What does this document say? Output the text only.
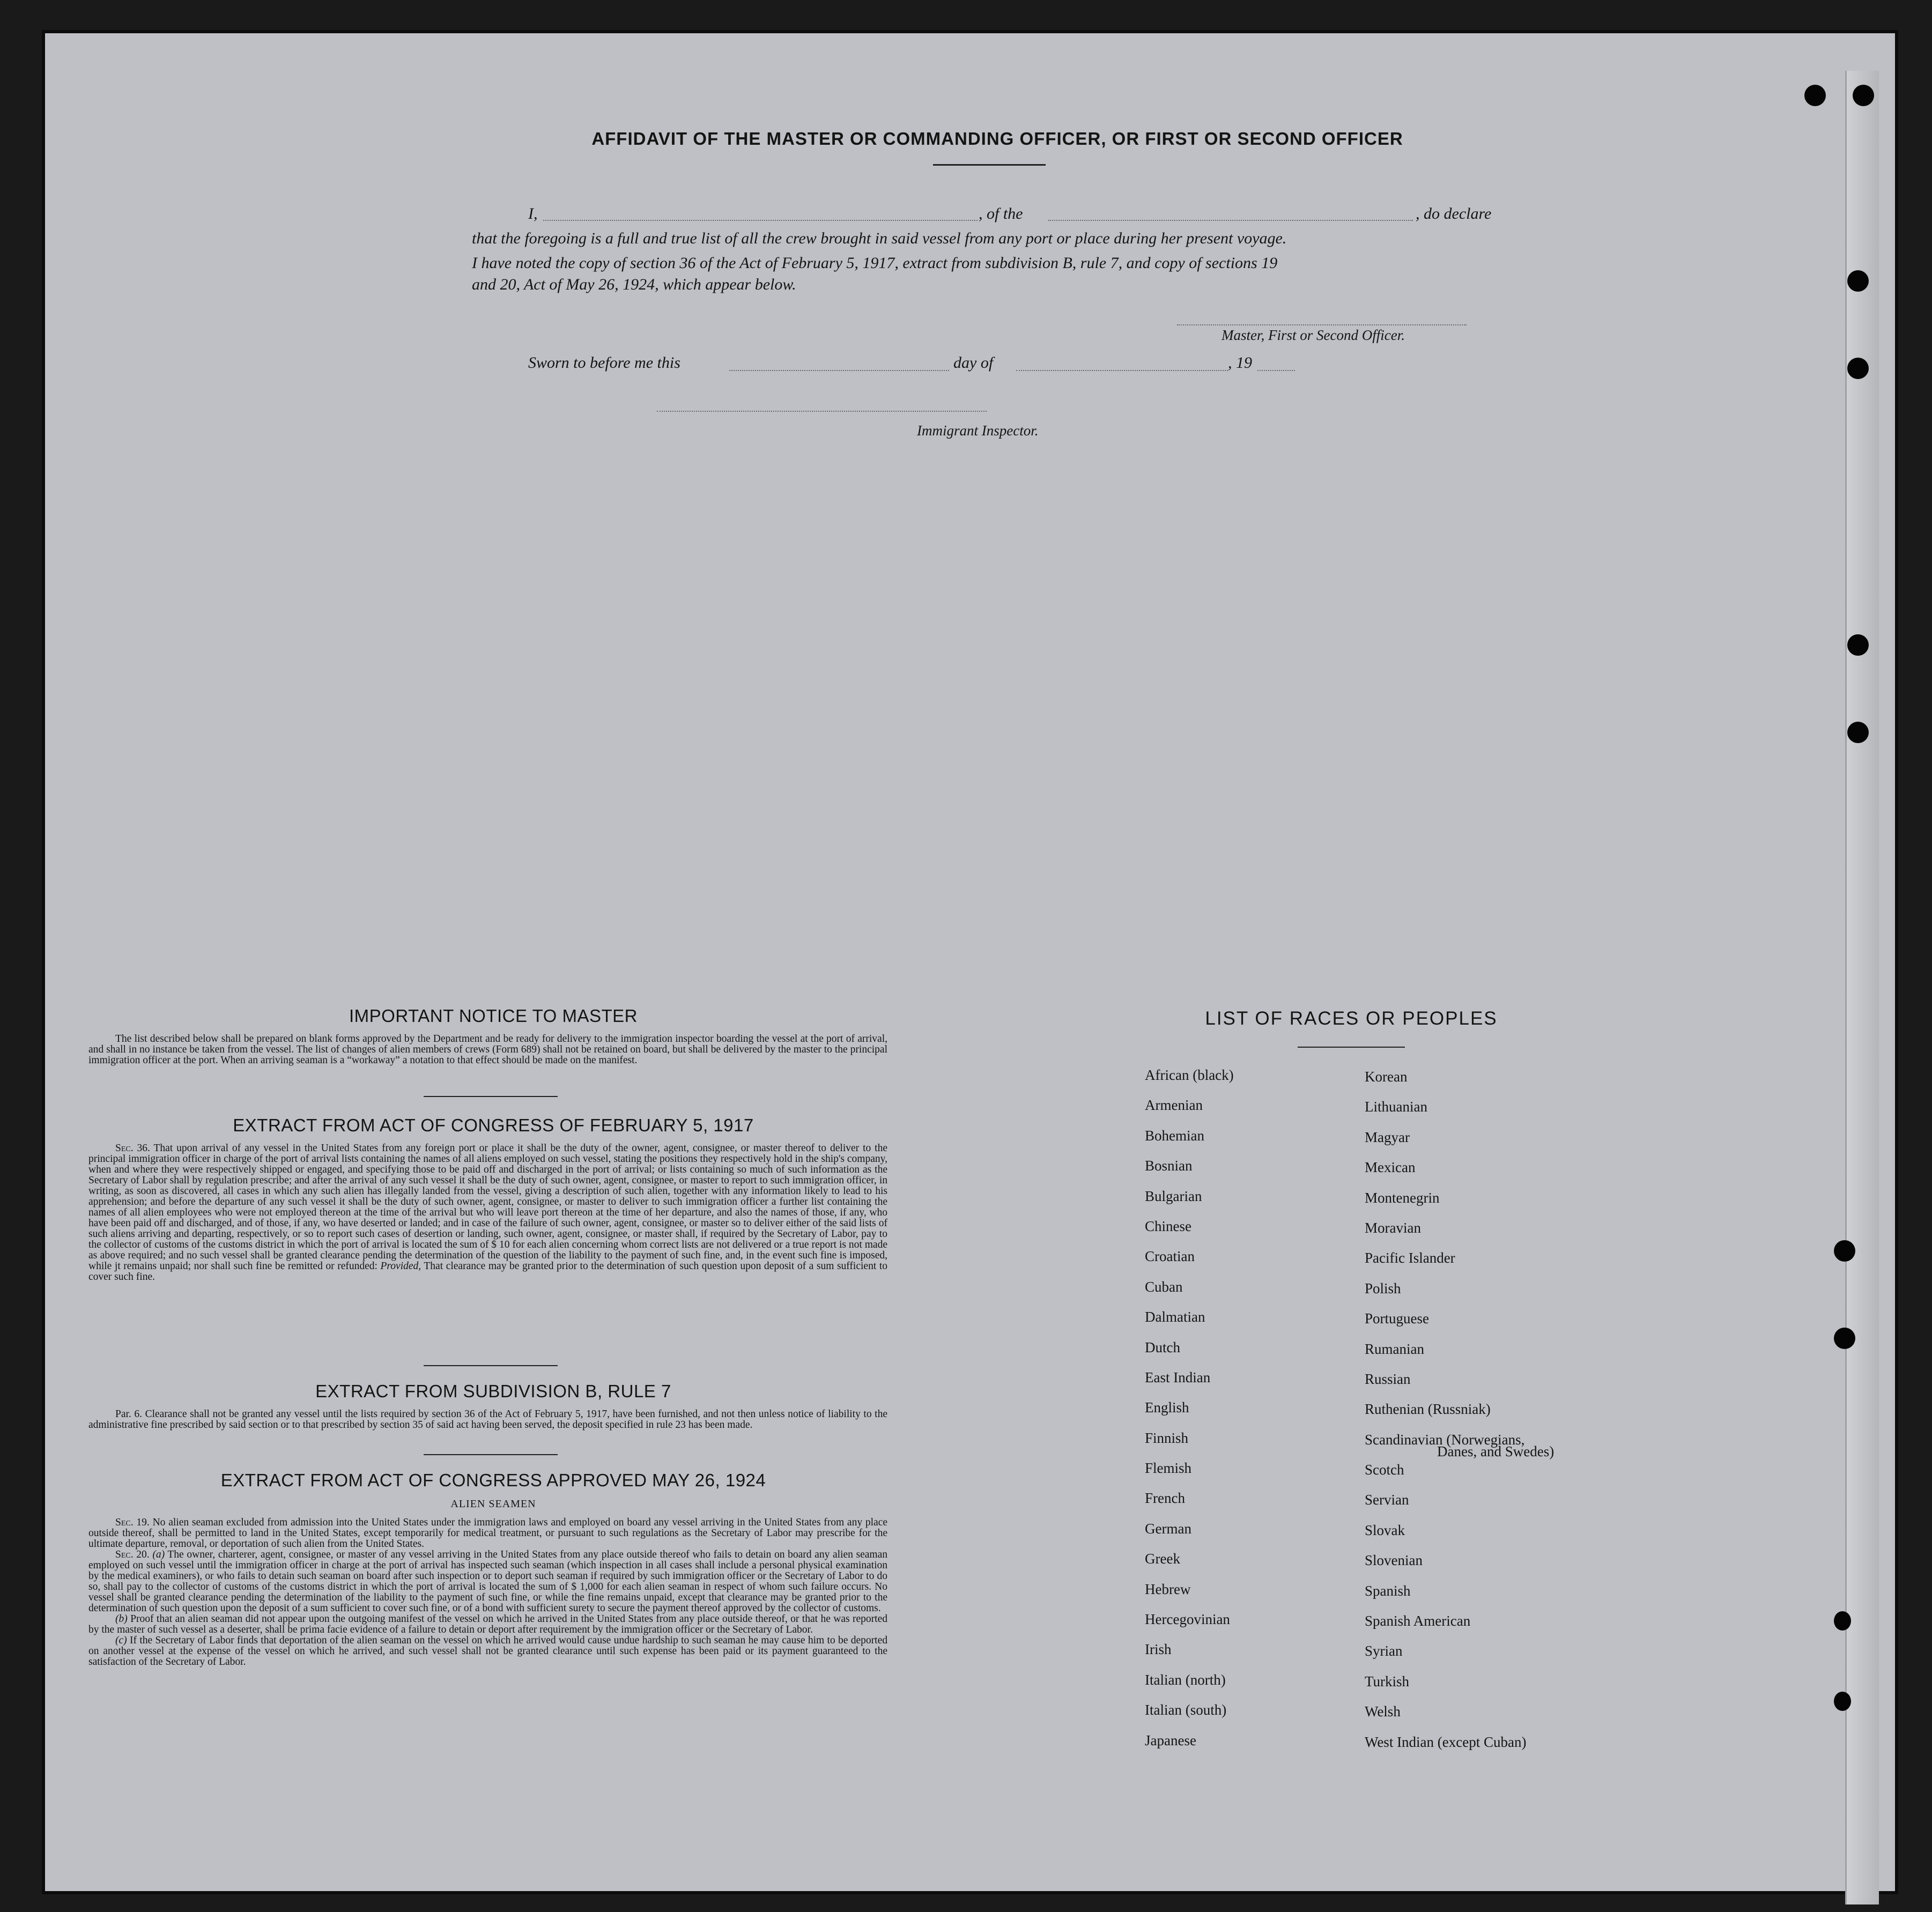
AFFIDAVIT OF THE MASTER OR COMMANDING OFFICER, OR FIRST OR SECOND OFFICER
I,	, of the	, do declare
that the foregoing is a full and true list of all the crew brought in said vessel from any port or place during her present voyage.
I have noted the copy of section 36 of the Act of February 5, 1917, extract from subdivision B, rule 7, and copy of sections 19
and 20, Act of May 26, 1924, which appear below.
Master, First or Second Officer.
Sworn to before me this	day of	, 19
Immigrant Inspector.
IMPORTANT NOTICE TO MASTER
The list described below shall be prepared on blank forms approved by the Department and be ready for delivery to the immigration inspector boarding the vessel at the port of arrival, and shall in no instance be taken from the vessel. The list of changes of alien members of crews (Form 689) shall not be retained on board, but shall be delivered by the master to the principal immigration officer at the port. When an arriving seaman is a “workaway” a notation to that effect should be made on the manifest.
EXTRACT FROM ACT OF CONGRESS OF FEBRUARY 5, 1917
Sec. 36. That upon arrival of any vessel in the United States from any foreign port or place it shall be the duty of the owner, agent, consignee, or master thereof to deliver to the principal immigration officer in charge of the port of arrival lists containing the names of all aliens employed on such vessel, stating the positions they respectively hold in the ship's company, when and where they were respectively shipped or engaged, and specifying those to be paid off and discharged in the port of arrival; or lists containing so much of such information as the Secretary of Labor shall by regulation prescribe; and after the arrival of any such vessel it shall be the duty of such owner, agent, consignee, or master to report to such immigration officer, in writing, as soon as discovered, all cases in which any such alien has illegally landed from the vessel, giving a description of such alien, together with any information likely to lead to his apprehension; and before the departure of any such vessel it shall be the duty of such owner, agent, consignee, or master to deliver to such immigration officer a further list containing the names of all alien employees who were not employed thereon at the time of the arrival but who will leave port thereon at the time of her departure, and also the names of those, if any, who have been paid off and discharged, and of those, if any, wo have deserted or landed; and in case of the failure of such owner, agent, consignee, or master so to deliver either of the said lists of such aliens arriving and departing, respectively, or so to report such cases of desertion or landing, such owner, agent, consignee, or master shall, if required by the Secretary of Labor, pay to the collector of customs of the customs district in which the port of arrival is located the sum of $ 10 for each alien concerning whom correct lists are not delivered or a true report is not made as above required; and no such vessel shall be granted clearance pending the determination of the question of the liability to the payment of such fine, and, in the event such fine is imposed, while jt remains unpaid; nor shall such fine be remitted or refunded: Provided, That clearance may be granted prior to the determination of such question upon deposit of a sum sufficient to cover such fine.
EXTRACT FROM SUBDIVISION B, RULE 7
Par. 6. Clearance shall not be granted any vessel until the lists required by section 36 of the Act of February 5, 1917, have been furnished, and not then unless notice of liability to the administrative fine prescribed by said section or to that prescribed by section 35 of said act having been served, the deposit specified in rule 23 has been made.
EXTRACT FROM ACT OF CONGRESS APPROVED MAY 26, 1924
ALIEN SEAMEN
Sec. 19. No alien seaman excluded from admission into the United States under the immigration laws and employed on board any vessel arriving in the United States from any place outside thereof, shall be permitted to land in the United States, except temporarily for medical treatment, or pursuant to such regulations as the Secretary of Labor may prescribe for the ultimate departure, removal, or deportation of such alien from the United States.
Sec. 20. (a) The owner, charterer, agent, consignee, or master of any vessel arriving in the United States from any place outside thereof who fails to detain on board any alien seaman employed on such vessel until the immigration officer in charge at the port of arrival has inspected such seaman (which inspection in all cases shall include a personal physical examination by the medical examiners), or who fails to detain such seaman on board after such inspection or to deport such seaman if required by such immigration officer or the Secretary of Labor to do so, shall pay to the collector of customs of the customs district in which the port of arrival is located the sum of $ 1,000 for each alien seaman in respect of whom such failure occurs. No vessel shall be granted clearance pending the determination of the liability to the payment of such fine, or while the fine remains unpaid, except that clearance may be granted prior to the determination of such question upon the deposit of a sum sufficient to cover such fine, or of a bond with sufficient surety to secure the payment thereof approved by the collector of customs.
(b) Proof that an alien seaman did not appear upon the outgoing manifest of the vessel on which he arrived in the United States from any place outside thereof, or that he was reported by the master of such vessel as a deserter, shall be prima facie evidence of a failure to detain or deport after requirement by the immigration officer or the Secretary of Labor.
(c) If the Secretary of Labor finds that deportation of the alien seaman on the vessel on which he arrived would cause undue hardship to such seaman he may cause him to be deported on another vessel at the expense of the vessel on which he arrived, and such vessel shall not be granted clearance until such expense has been paid or its payment guaranteed to the satisfaction of the Secretary of Labor.
LIST OF RACES OR PEOPLES
African (black)
Armenian
Bohemian
Bosnian
Bulgarian
Chinese
Croatian
Cuban
Dalmatian
Dutch
East Indian
English
Finnish
Flemish
French
German
Greek
Hebrew
Hercegovinian
Irish
Italian (north)
Italian (south)
Japanese
Korean
Lithuanian
Magyar
Mexican
Montenegrin
Moravian
Pacific Islander
Polish
Portuguese
Rumanian
Russian
Ruthenian (Russniak)
Scandinavian (Norwegians,
Danes, and Swedes)
Scotch
Servian
Slovak
Slovenian
Spanish
Spanish American
Syrian
Turkish
Welsh
West Indian (except Cuban)
